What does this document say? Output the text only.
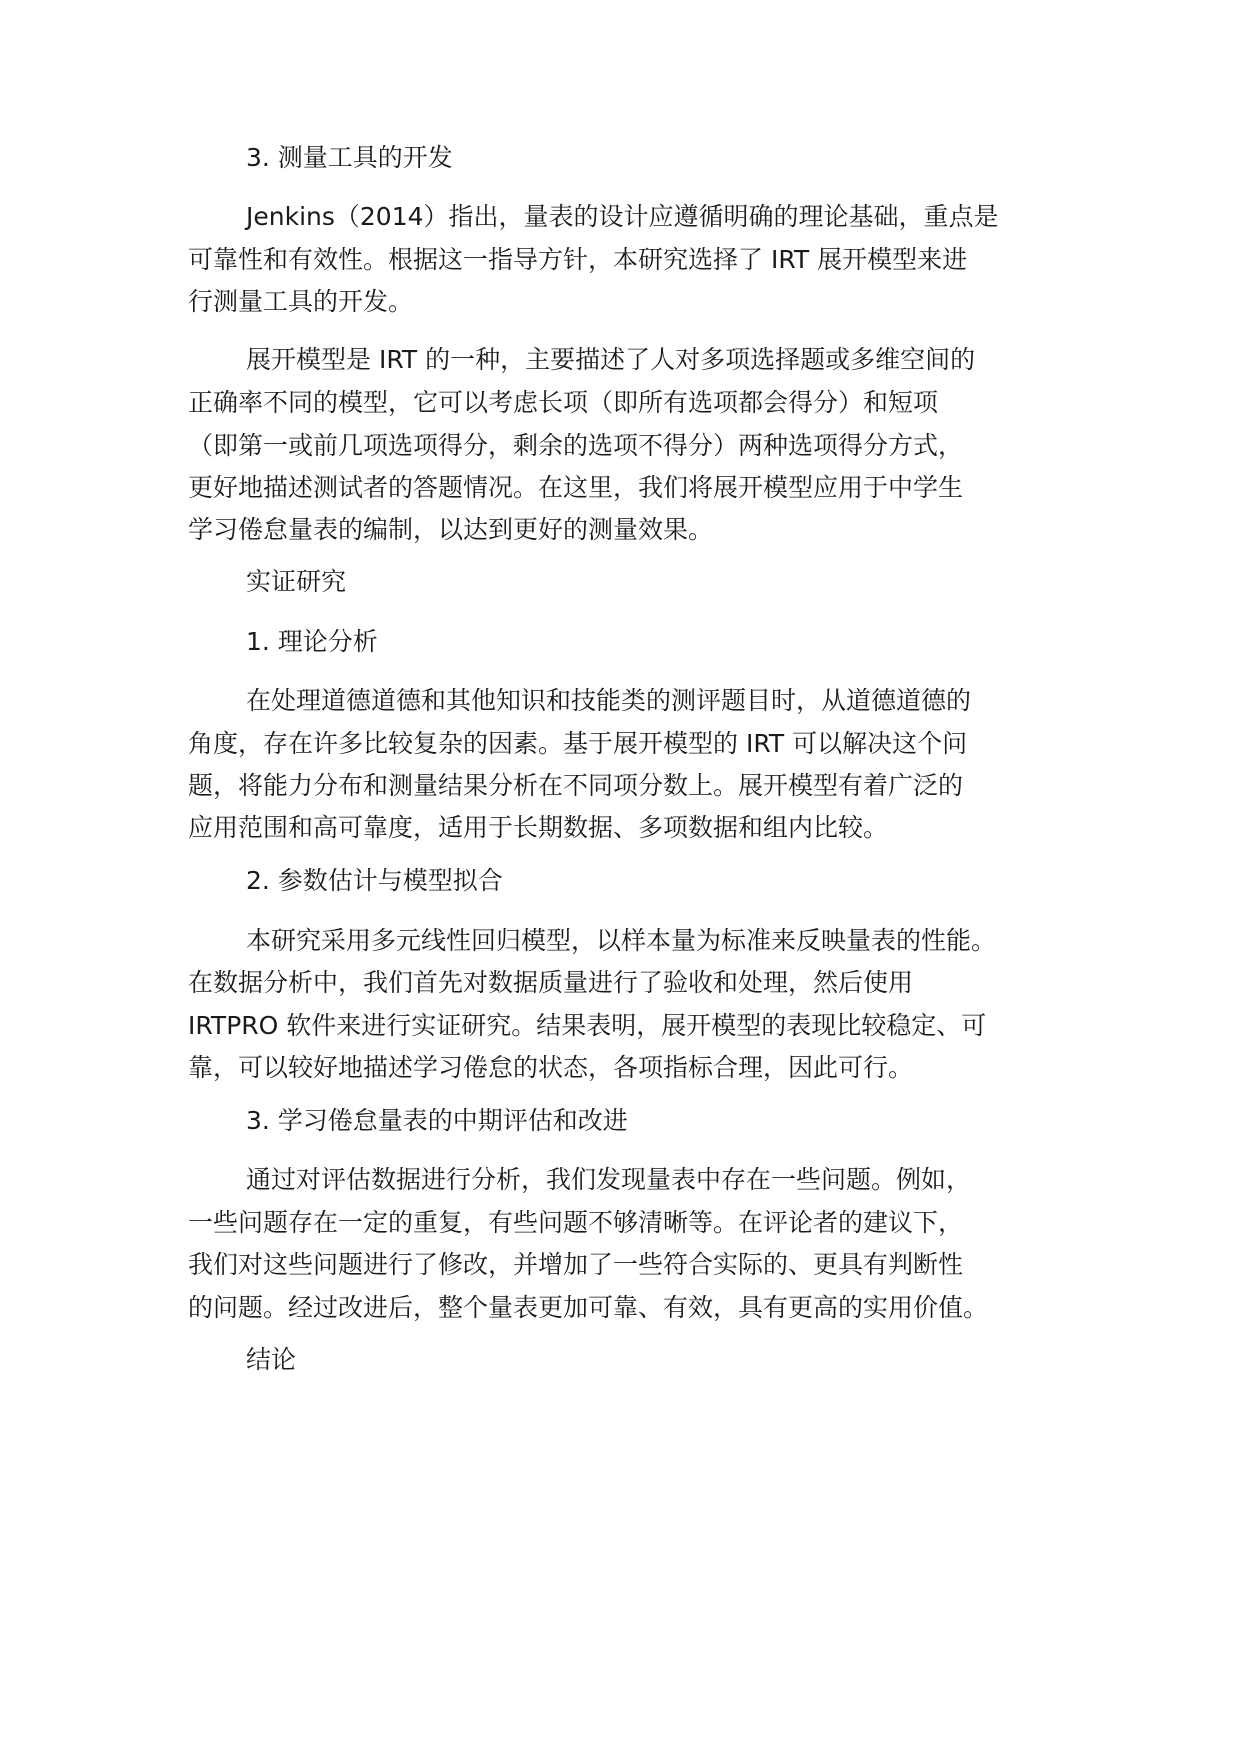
3. 测量工具的开发
Jenkins（2014）指出，量表的设计应遵循明确的理论基础，重点是
可靠性和有效性。根据这一指导方针，本研究选择了 IRT 展开模型来进
行测量工具的开发。
展开模型是 IRT 的一种，主要描述了人对多项选择题或多维空间的
正确率不同的模型，它可以考虑长项（即所有选项都会得分）和短项
（即第一或前几项选项得分，剩余的选项不得分）两种选项得分方式，
更好地描述测试者的答题情况。在这里，我们将展开模型应用于中学生
学习倦怠量表的编制，以达到更好的测量效果。
实证研究
1. 理论分析
在处理道德道德和其他知识和技能类的测评题目时，从道德道德的
角度，存在许多比较复杂的因素。基于展开模型的 IRT 可以解决这个问
题，将能力分布和测量结果分析在不同项分数上。展开模型有着广泛的
应用范围和高可靠度，适用于长期数据、多项数据和组内比较。
2. 参数估计与模型拟合
本研究采用多元线性回归模型，以样本量为标准来反映量表的性能。
在数据分析中，我们首先对数据质量进行了验收和处理，然后使用
IRTPRO 软件来进行实证研究。结果表明，展开模型的表现比较稳定、可
靠，可以较好地描述学习倦怠的状态，各项指标合理，因此可行。
3. 学习倦怠量表的中期评估和改进
通过对评估数据进行分析，我们发现量表中存在一些问题。例如，
一些问题存在一定的重复，有些问题不够清晰等。在评论者的建议下，
我们对这些问题进行了修改，并增加了一些符合实际的、更具有判断性
的问题。经过改进后，整个量表更加可靠、有效，具有更高的实用价值。
结论
